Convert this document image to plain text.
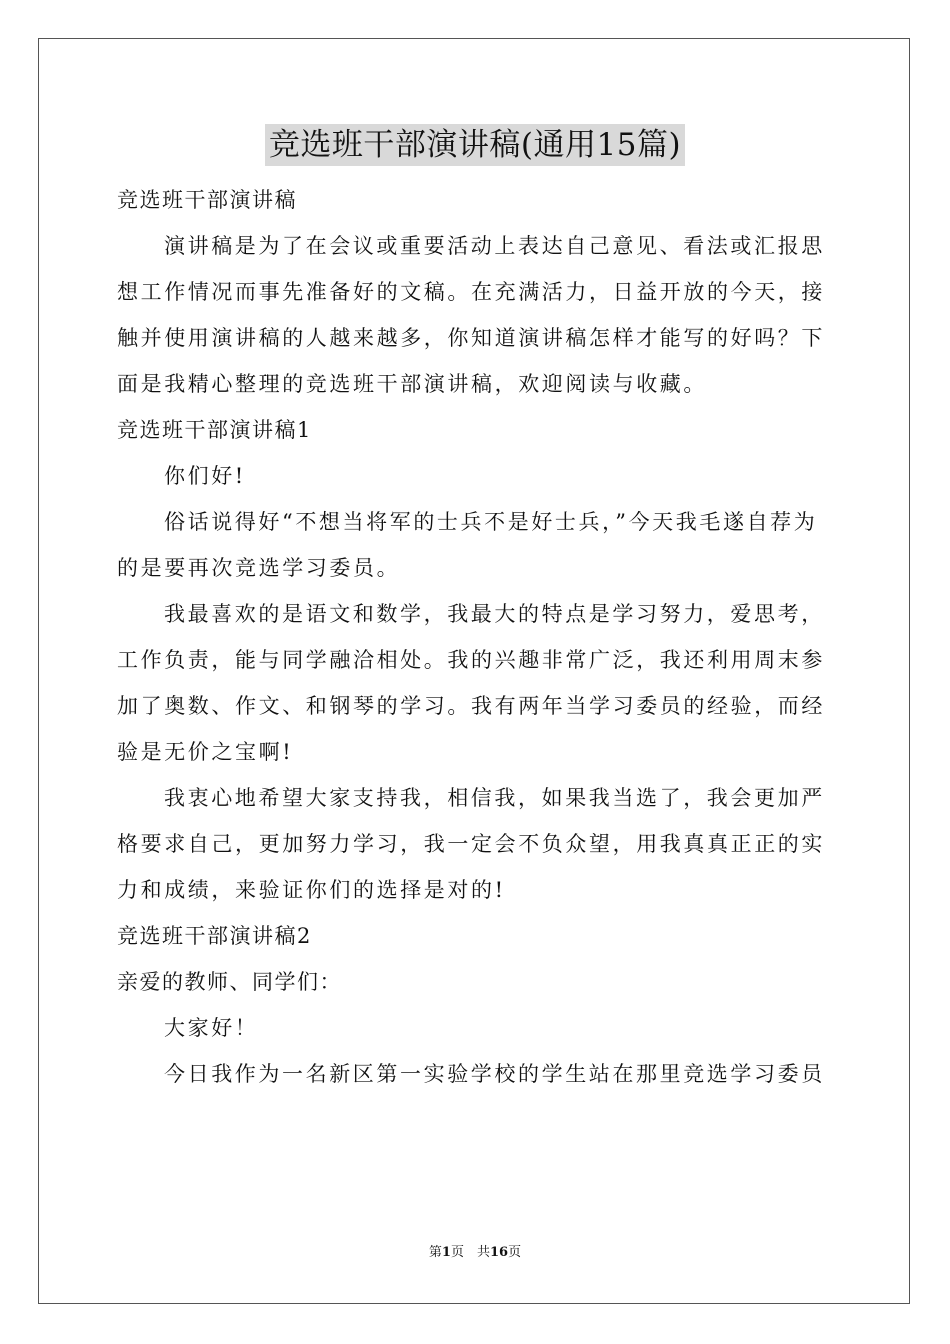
竞选班干部演讲稿(通用15篇)

竞选班干部演讲稿

演讲稿是为了在会议或重要活动上表达自己意见、看法或汇报思想工作情况而事先准备好的文稿。在充满活力，日益开放的今天，接触并使用演讲稿的人越来越多，你知道演讲稿怎样才能写的好吗？下面是我精心整理的竞选班干部演讲稿，欢迎阅读与收藏。

竞选班干部演讲稿1

你们好!

俗话说得好“不想当将军的士兵不是好士兵，”今天我毛遂自荐为的是要再次竞选学习委员。

我最喜欢的是语文和数学，我最大的特点是学习努力，爱思考，工作负责，能与同学融洽相处。我的兴趣非常广泛，我还利用周末参加了奥数、作文、和钢琴的学习。我有两年当学习委员的经验，而经验是无价之宝啊!

我衷心地希望大家支持我，相信我，如果我当选了，我会更加严格要求自己，更加努力学习，我一定会不负众望，用我真真正正的实力和成绩，来验证你们的选择是对的!

竞选班干部演讲稿2

亲爱的教师、同学们：

大家好！

今日我作为一名新区第一实验学校的学生站在那里竞选学习委员

第1页　共16页
